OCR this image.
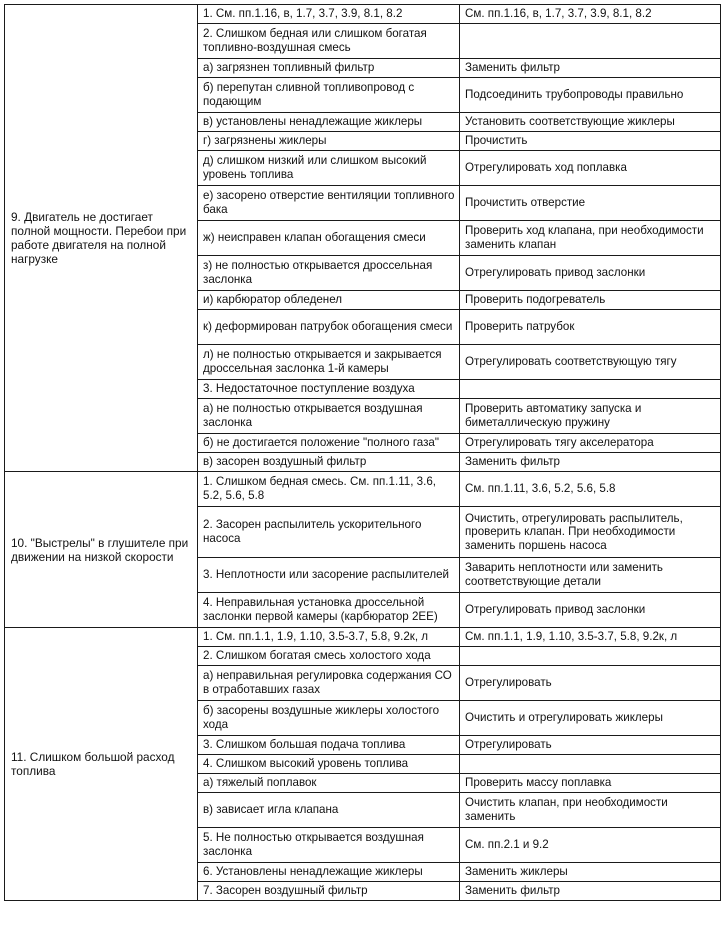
9. Двигатель не достигает полной мощности. Перебои при работе двигателя на полной нагрузке	1. См. пп.1.16, в, 1.7, 3.7, 3.9, 8.1, 8.2	См. пп.1.16, в, 1.7, 3.7, 3.9, 8.1, 8.2
	2. Слишком бедная или слишком богатая топливно-воздушная смесь	
	а) загрязнен топливный фильтр	Заменить фильтр
	б) перепутан сливной топливопровод с подающим	Подсоединить трубопроводы правильно
	в) установлены ненадлежащие жиклеры	Установить соответствующие жиклеры
	г) загрязнены жиклеры	Прочистить
	д) слишком низкий или слишком высокий уровень топлива	Отрегулировать ход поплавка
	е) засорено отверстие вентиляции топливного бака	Прочистить отверстие
	ж) неисправен клапан обогащения смеси	Проверить ход клапана, при необходимости заменить клапан
	з) не полностью открывается дроссельная заслонка	Отрегулировать привод заслонки
	и) карбюратор обледенел	Проверить подогреватель
	к) деформирован патрубок обогащения смеси	Проверить патрубок
	л) не полностью открывается и закрывается дроссельная заслонка 1-й камеры	Отрегулировать соответствующую тягу
	3. Недостаточное поступление воздуха	
	а) не полностью открывается воздушная заслонка	Проверить автоматику запуска и биметаллическую пружину
	б) не достигается положение "полного газа"	Отрегулировать тягу акселератора
	в) засорен воздушный фильтр	Заменить фильтр
10. "Выстрелы" в глушителе при движении на низкой скорости	1. Слишком бедная смесь. См. пп.1.11, 3.6, 5.2, 5.6, 5.8	См. пп.1.11, 3.6, 5.2, 5.6, 5.8
	2. Засорен распылитель ускорительного насоса	Очистить, отрегулировать распылитель, проверить клапан. При необходимости заменить поршень насоса
	3. Неплотности или засорение распылителей	Заварить неплотности или заменить соответствующие детали
	4. Неправильная установка дроссельной заслонки первой камеры (карбюратор 2ЕЕ)	Отрегулировать привод заслонки
11. Слишком большой расход топлива	1. См. пп.1.1, 1.9, 1.10, 3.5-3.7, 5.8, 9.2к, л	См. пп.1.1, 1.9, 1.10, 3.5-3.7, 5.8, 9.2к, л
	2. Слишком богатая смесь холостого хода	
	а) неправильная регулировка содержания СО в отработавших газах	Отрегулировать
	б) засорены воздушные жиклеры холостого хода	Очистить и отрегулировать жиклеры
	3. Слишком большая подача топлива	Отрегулировать
	4. Слишком высокий уровень топлива	
	а) тяжелый поплавок	Проверить массу поплавка
	в) зависает игла клапана	Очистить клапан, при необходимости заменить
	5. Не полностью открывается воздушная заслонка	См. пп.2.1 и 9.2
	6. Установлены ненадлежащие жиклеры	Заменить жиклеры
	7. Засорен воздушный фильтр	Заменить фильтр
